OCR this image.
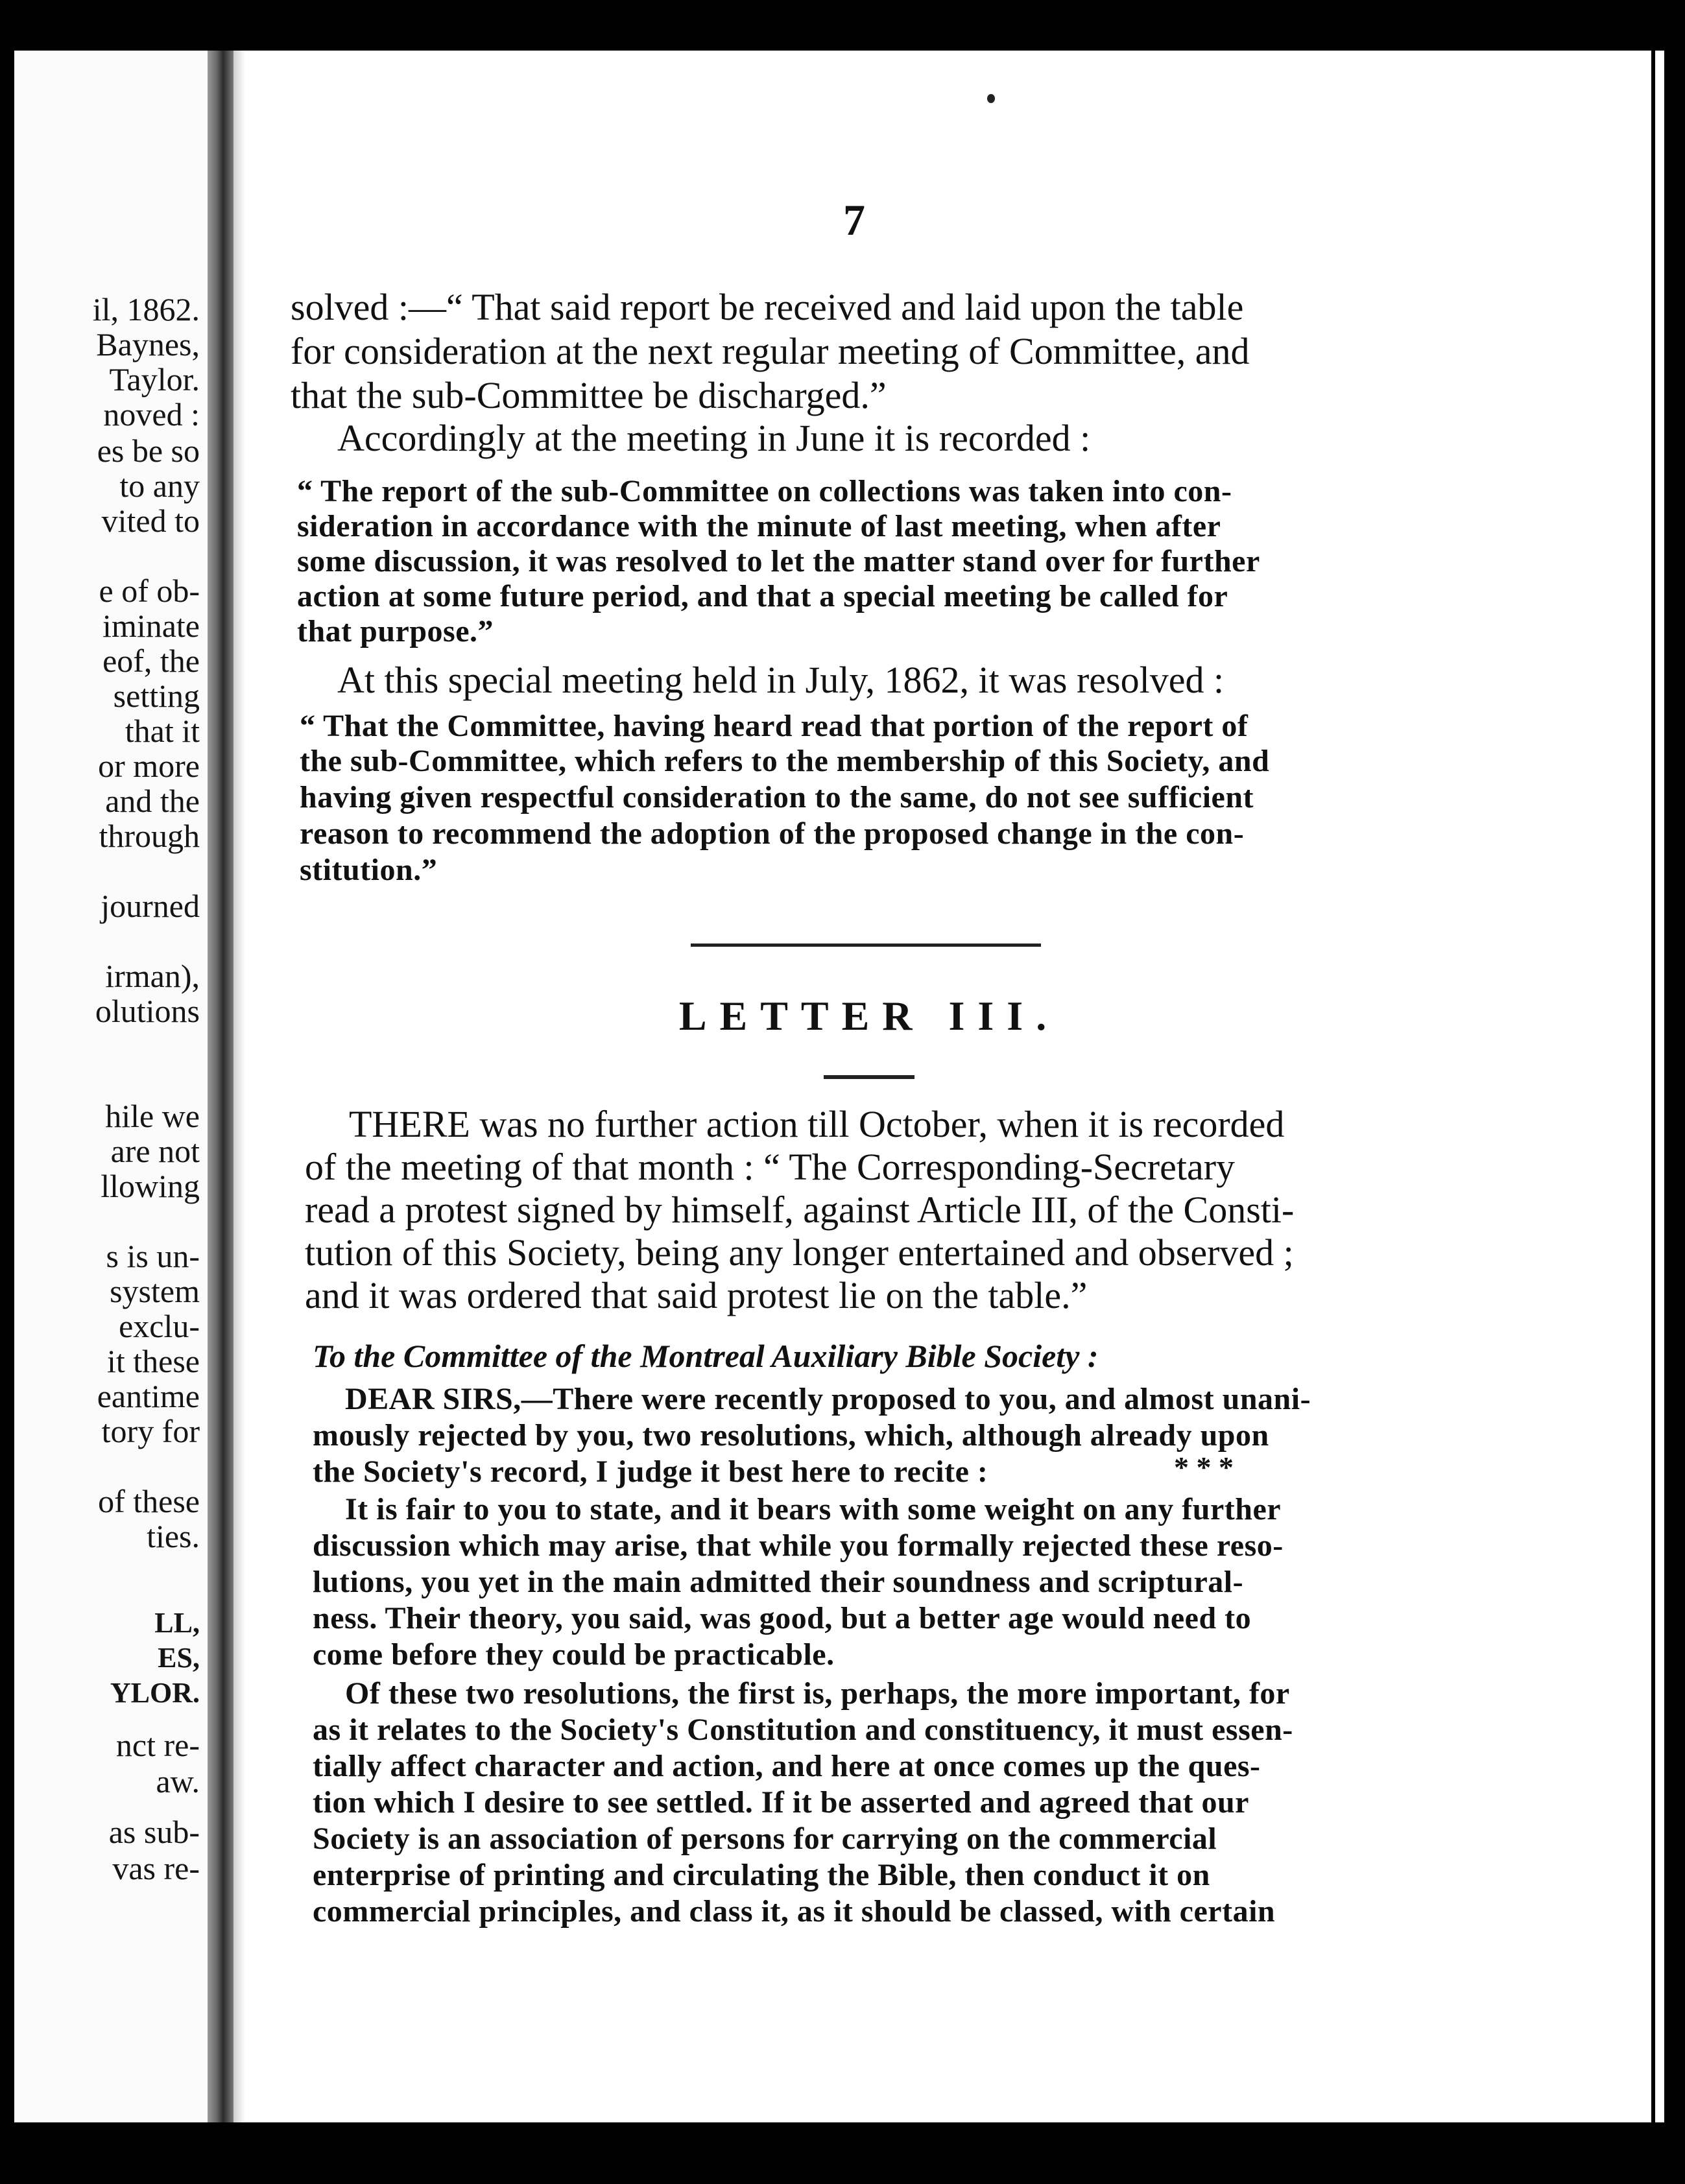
il, 1862.
Baynes,
Taylor.
noved :
es be so
to any
vited to
e of ob-
iminate
eof, the
setting
that it
or more
and the
through
journed
irman),
olutions
hile we
are not
llowing
s is un-
system
exclu-
it these
eantime
tory for
of these
ties.
LL,
ES,
YLOR.
nct re-
aw.
as sub-
vas re-
7
solved :—“ That said report be received and laid upon the table
for consideration at the next regular meeting of Committee, and
that the sub-Committee be discharged.”
Accordingly at the meeting in June it is recorded :
“ The report of the sub-Committee on collections was taken into con-
sideration in accordance with the minute of last meeting, when after
some discussion, it was resolved to let the matter stand over for further
action at some future period, and that a special meeting be called for
that purpose.”
At this special meeting held in July, 1862, it was resolved :
“ That the Committee, having heard read that portion of the report of
the sub-Committee, which refers to the membership of this Society, and
having given respectful consideration to the same, do not see sufficient
reason to recommend the adoption of the proposed change in the con-
stitution.”
LETTER III.
THERE was no further action till October, when it is recorded
of the meeting of that month : “ The Corresponding-Secretary
read a protest signed by himself, against Article III, of the Consti-
tution of this Society, being any longer entertained and observed ;
and it was ordered that said protest lie on the table.”
To the Committee of the Montreal Auxiliary Bible Society :
DEAR SIRS,—There were recently proposed to you, and almost unani-
mously rejected by you, two resolutions, which, although already upon
the Society's record, I judge it best here to recite :	* * *
It is fair to you to state, and it bears with some weight on any further
discussion which may arise, that while you formally rejected these reso-
lutions, you yet in the main admitted their soundness and scriptural-
ness. Their theory, you said, was good, but a better age would need to
come before they could be practicable.
Of these two resolutions, the first is, perhaps, the more important, for
as it relates to the Society's Constitution and constituency, it must essen-
tially affect character and action, and here at once comes up the ques-
tion which I desire to see settled. If it be asserted and agreed that our
Society is an association of persons for carrying on the commercial
enterprise of printing and circulating the Bible, then conduct it on
commercial principles, and class it, as it should be classed, with certain
